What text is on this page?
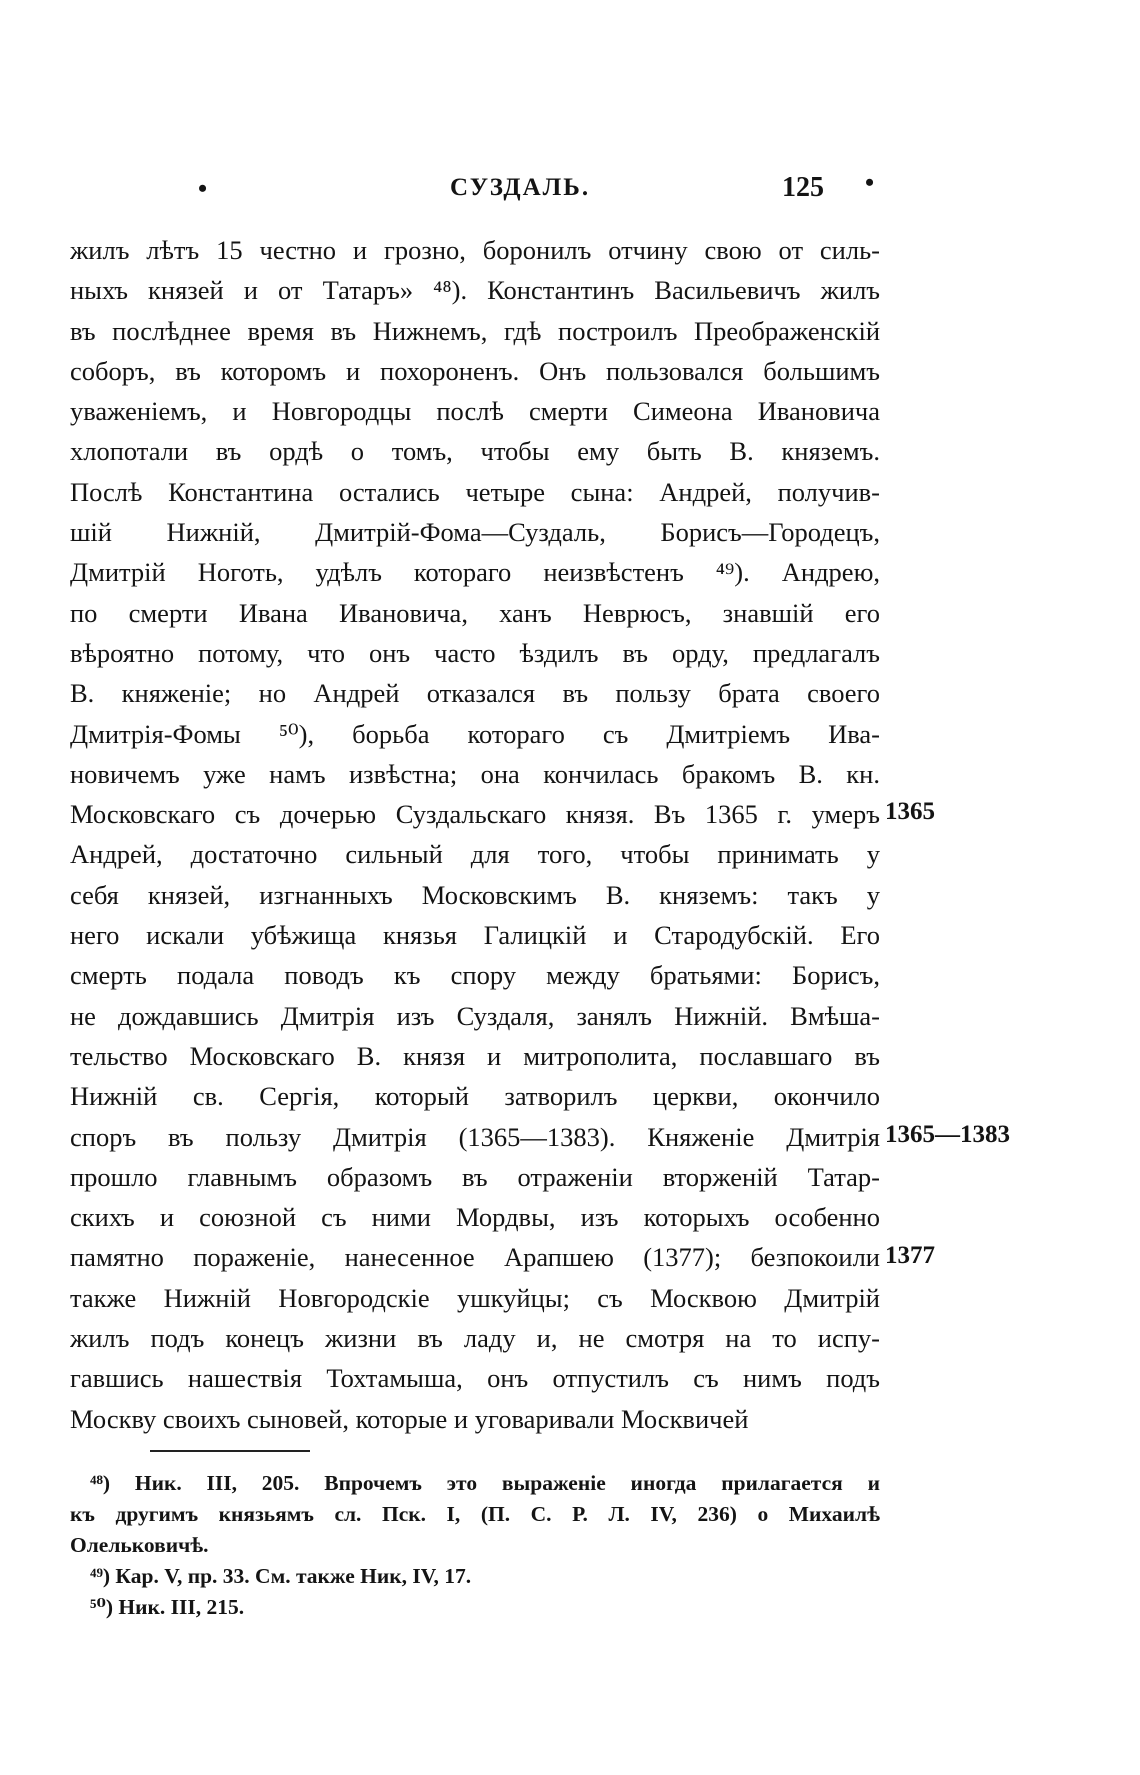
•	СУЗДАЛЬ.	125 •
жилъ лѣтъ 15 честно и грозно, боронилъ отчину свою от силь-
ныхъ князей и от Татаръ» ⁴⁸). Константинъ Васильевичъ жилъ
въ послѣднее время въ Нижнемъ, гдѣ построилъ Преображенскій
соборъ, въ которомъ и похороненъ. Онъ пользовался большимъ
уваженіемъ, и Новгородцы послѣ смерти Симеона Ивановича
хлопотали въ ордѣ о томъ, чтобы ему быть В. княземъ.
Послѣ Константина остались четыре сына: Андрей, получив-
шій Нижній, Дмитрій-Фома—Суздаль, Борисъ—Городецъ,
Дмитрій Ноготь, удѣлъ котораго неизвѣстенъ ⁴⁹). Андрею,
по смерти Ивана Ивановича, ханъ Неврюсъ, знавшій его
вѣроятно потому, что онъ часто ѣздилъ въ орду, предлагалъ
В. княженіе; но Андрей отказался въ пользу брата своего
Дмитрія-Фомы ⁵⁰), борьба котораго съ Дмитріемъ Ива-
новичемъ уже намъ извѣстна; она кончилась бракомъ В. кн.
Московскаго съ дочерью Суздальскаго князя. Въ 1365 г. умеръ
Андрей, достаточно сильный для того, чтобы принимать у
себя князей, изгнанныхъ Московскимъ В. княземъ: такъ у
него искали убѣжища князья Галицкій и Стародубскій. Его
смерть подала поводъ къ спору между братьями: Борисъ,
не дождавшись Дмитрія изъ Суздаля, занялъ Нижній. Вмѣша-
тельство Московскаго В. князя и митрополита, пославшаго въ
Нижній св. Сергія, который затворилъ церкви, окончило
споръ въ пользу Дмитрія (1365—1383). Княженіе Дмитрія
прошло главнымъ образомъ въ отраженіи вторженій Татар-
скихъ и союзной съ ними Мордвы, изъ которыхъ особенно
памятно пораженіе, нанесенное Арапшею (1377); безпокоили
также Нижній Новгородскіе ушкуйцы; съ Москвою Дмитрій
жилъ подъ конецъ жизни въ ладу и, не смотря на то испу-
гавшись нашествія Тохтамыша, онъ отпустилъ съ нимъ подъ
Москву своихъ сыновей, которые и уговаривали Москвичей
1365
1365—1383
1377
⁴⁸) Ник. III, 205. Впрочемъ это выраженіе иногда прилагается и
къ другимъ князьямъ сл. Пск. I, (П. С. Р. Л. IV, 236) о Михаилѣ
Олельковичѣ.
⁴⁹) Кар. V, пр. 33. См. также Ник, IV, 17.
⁵⁰) Ник. III, 215.
